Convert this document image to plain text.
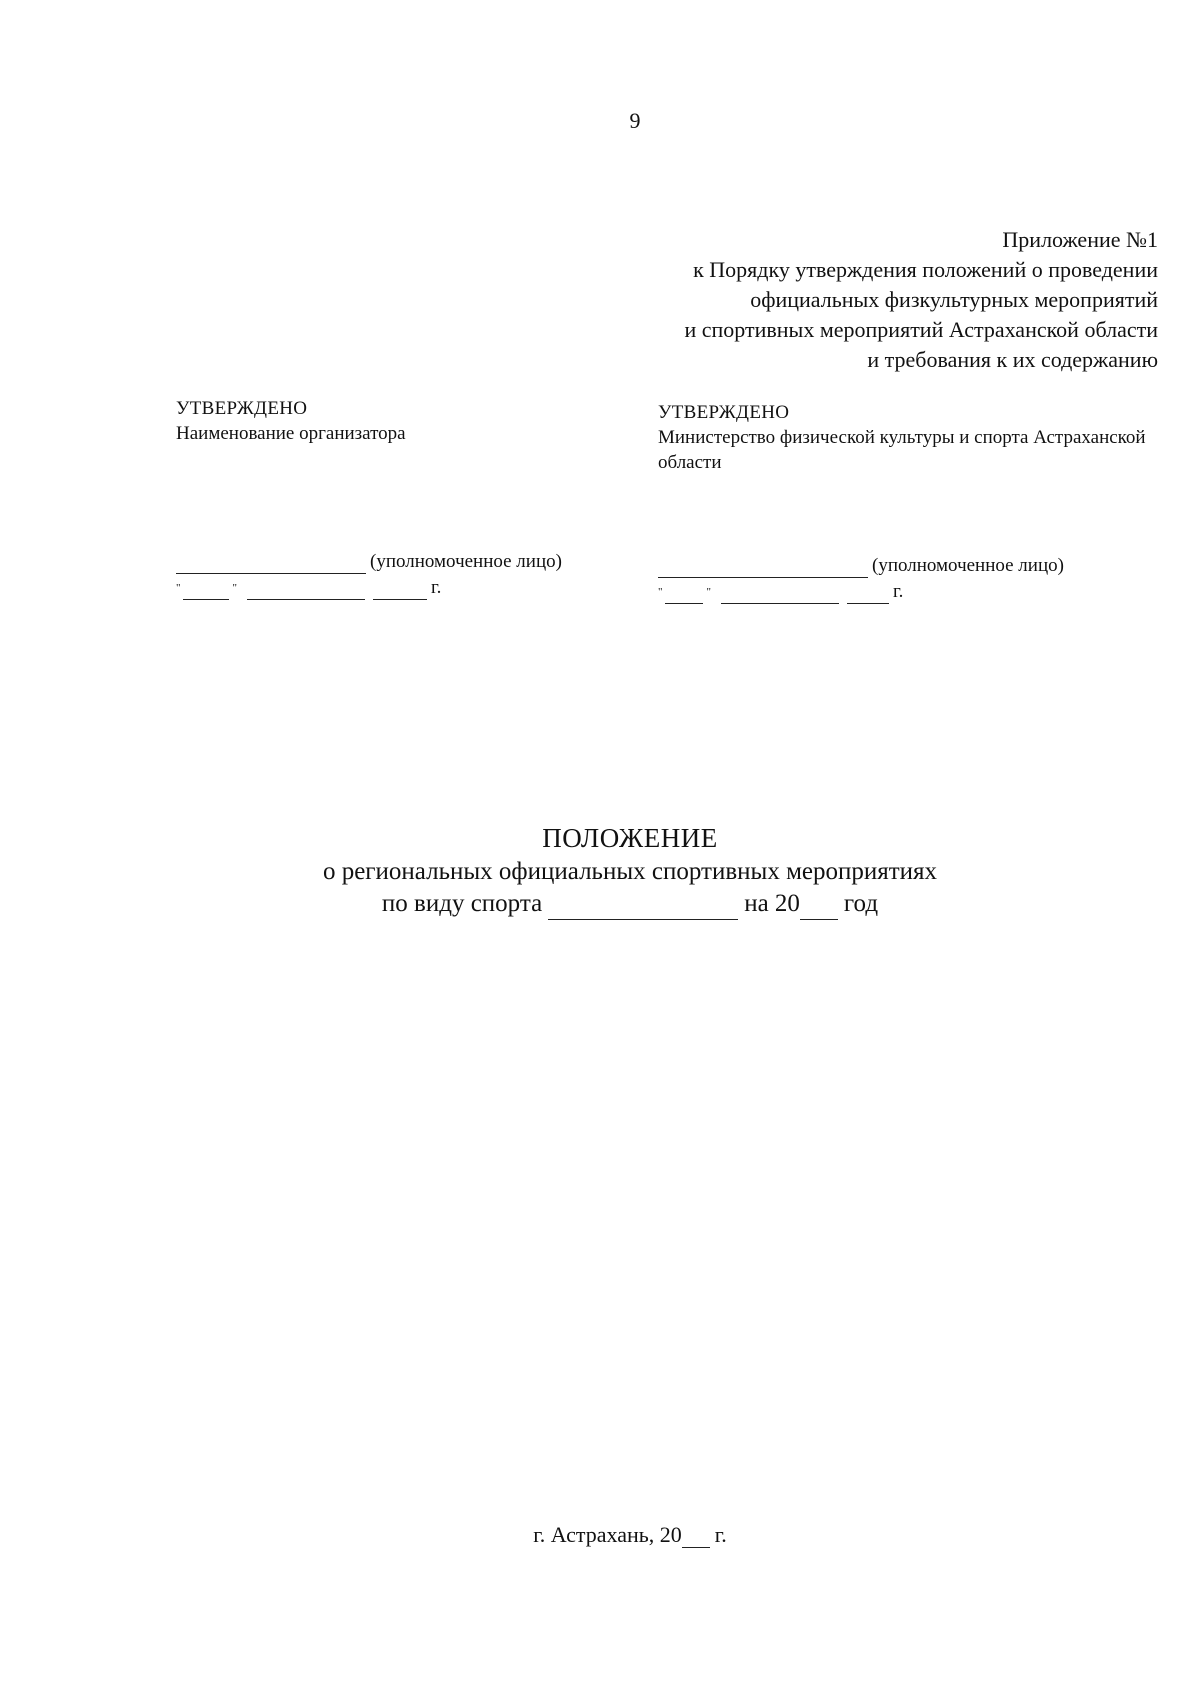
9
Приложение №1
к Порядку утверждения положений о проведении
официальных физкультурных мероприятий
и спортивных мероприятий Астраханской области
и требования к их содержанию
УТВЕРЖДЕНО
Наименование организатора
УТВЕРЖДЕНО
Министерство физической культуры и спорта Астраханской области
(уполномоченное лицо)
"	"	г.
(уполномоченное лицо)
"	"	г.
ПОЛОЖЕНИЕ
о региональных официальных спортивных мероприятиях
по виду спорта	на 20 год
г. Астрахань, 20 г.
